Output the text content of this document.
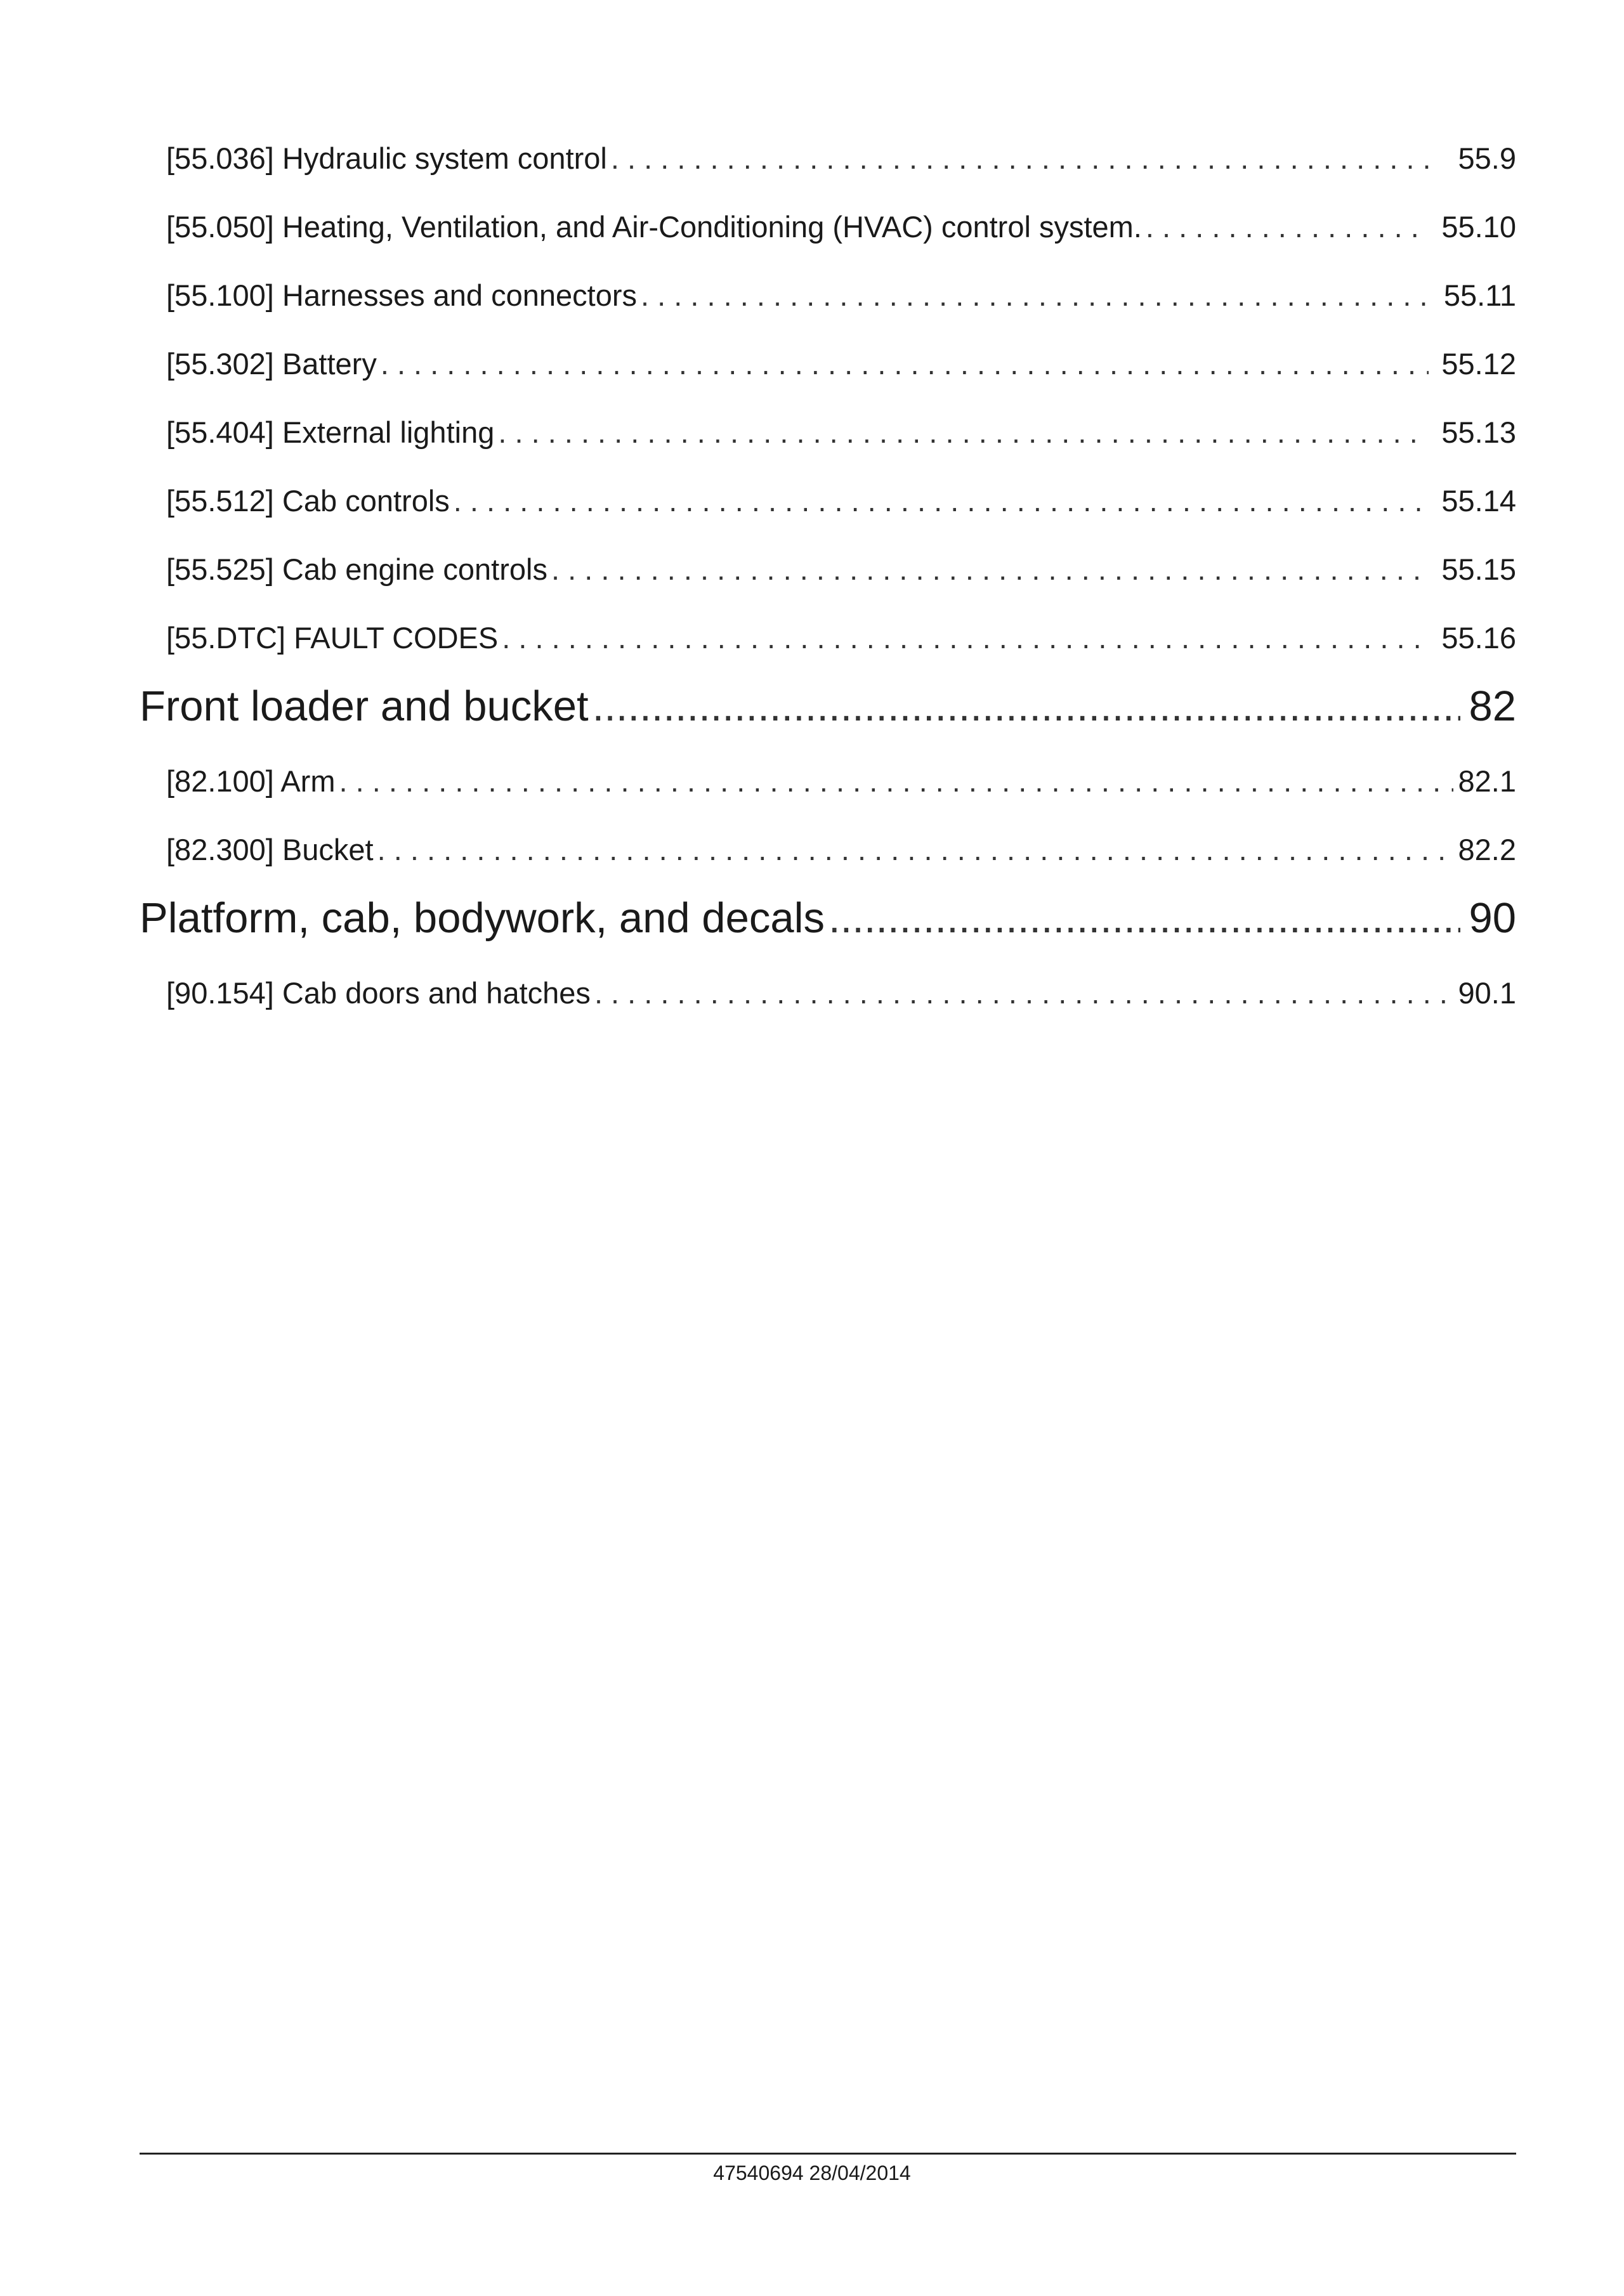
[55.036] Hydraulic system control . . .	55.9
[55.050] Heating, Ventilation, and Air-Conditioning (HVAC) control system. . . .	55.10
[55.100] Harnesses and connectors . . .	55.11
[55.302] Battery . . .	55.12
[55.404] External lighting . . .	55.13
[55.512] Cab controls . . .	55.14
[55.525] Cab engine controls . . .	55.15
[55.DTC] FAULT CODES . . .	55.16
Front loader and bucket .....	82
[82.100] Arm . . .	82.1
[82.300] Bucket . . .	82.2
Platform, cab, bodywork, and decals .....	90
[90.154] Cab doors and hatches . . .	90.1
47540694 28/04/2014
